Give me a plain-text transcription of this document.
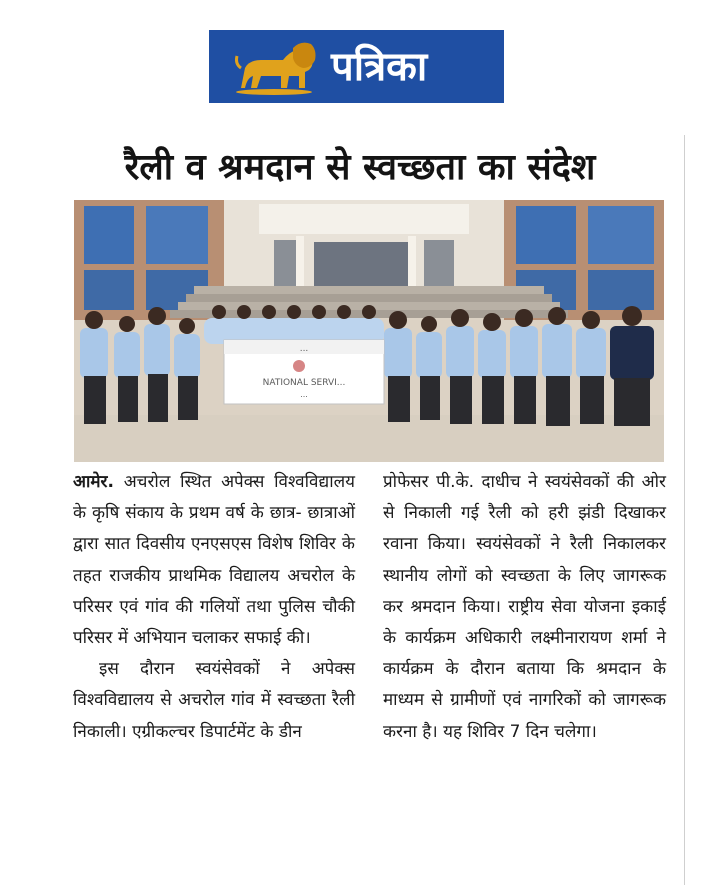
पत्रिका
रैली व श्रमदान से स्वच्छता का संदेश
...
NATIONAL SERVI...
...

आमेर. अचरोल स्थित अपेक्स विश्वविद्यालय के कृषि संकाय के प्रथम वर्ष के छात्र- छात्राओं द्वारा सात दिवसीय एनएसएस विशेष शिविर के तहत राजकीय प्राथमिक विद्यालय अचरोल के परिसर एवं गांव की गलियों तथा पुलिस चौकी परिसर में अभियान चलाकर सफाई की।

इस दौरान स्वयंसेवकों ने अपेक्स विश्वविद्यालय से अचरोल गांव में स्वच्छता रैली निकाली। एग्रीकल्चर डिपार्टमेंट के डीन

प्रोफेसर पी.के. दाधीच ने स्वयंसेवकों की ओर से निकाली गई रैली को हरी झंडी दिखाकर रवाना किया। स्वयंसेवकों ने रैली निकालकर स्थानीय लोगों को स्वच्छता के लिए जागरूक कर श्रमदान किया। राष्ट्रीय सेवा योजना इकाई के कार्यक्रम अधिकारी लक्ष्मीनारायण शर्मा ने कार्यक्रम के दौरान बताया कि श्रमदान के माध्यम से ग्रामीणों एवं नागरिकों को जागरूक करना है। यह शिविर 7 दिन चलेगा।
